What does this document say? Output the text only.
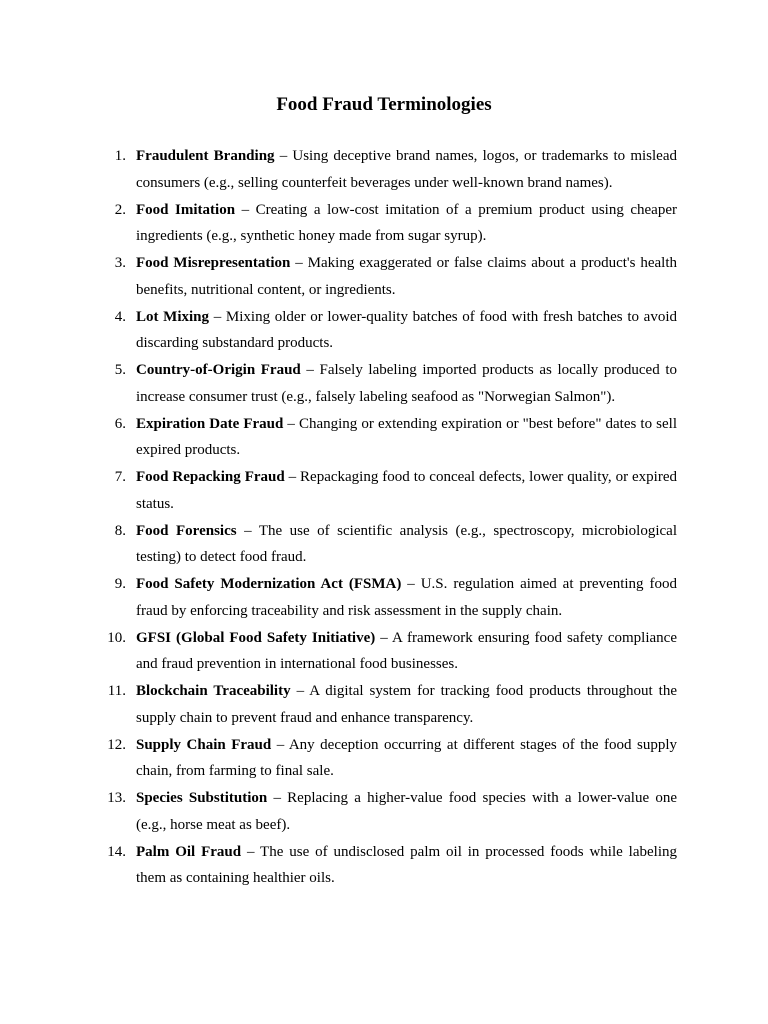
Food Fraud Terminologies
1. Fraudulent Branding – Using deceptive brand names, logos, or trademarks to mislead consumers (e.g., selling counterfeit beverages under well-known brand names).
2. Food Imitation – Creating a low-cost imitation of a premium product using cheaper ingredients (e.g., synthetic honey made from sugar syrup).
3. Food Misrepresentation – Making exaggerated or false claims about a product's health benefits, nutritional content, or ingredients.
4. Lot Mixing – Mixing older or lower-quality batches of food with fresh batches to avoid discarding substandard products.
5. Country-of-Origin Fraud – Falsely labeling imported products as locally produced to increase consumer trust (e.g., falsely labeling seafood as "Norwegian Salmon").
6. Expiration Date Fraud – Changing or extending expiration or "best before" dates to sell expired products.
7. Food Repacking Fraud – Repackaging food to conceal defects, lower quality, or expired status.
8. Food Forensics – The use of scientific analysis (e.g., spectroscopy, microbiological testing) to detect food fraud.
9. Food Safety Modernization Act (FSMA) – U.S. regulation aimed at preventing food fraud by enforcing traceability and risk assessment in the supply chain.
10. GFSI (Global Food Safety Initiative) – A framework ensuring food safety compliance and fraud prevention in international food businesses.
11. Blockchain Traceability – A digital system for tracking food products throughout the supply chain to prevent fraud and enhance transparency.
12. Supply Chain Fraud – Any deception occurring at different stages of the food supply chain, from farming to final sale.
13. Species Substitution – Replacing a higher-value food species with a lower-value one (e.g., horse meat as beef).
14. Palm Oil Fraud – The use of undisclosed palm oil in processed foods while labeling them as containing healthier oils.
